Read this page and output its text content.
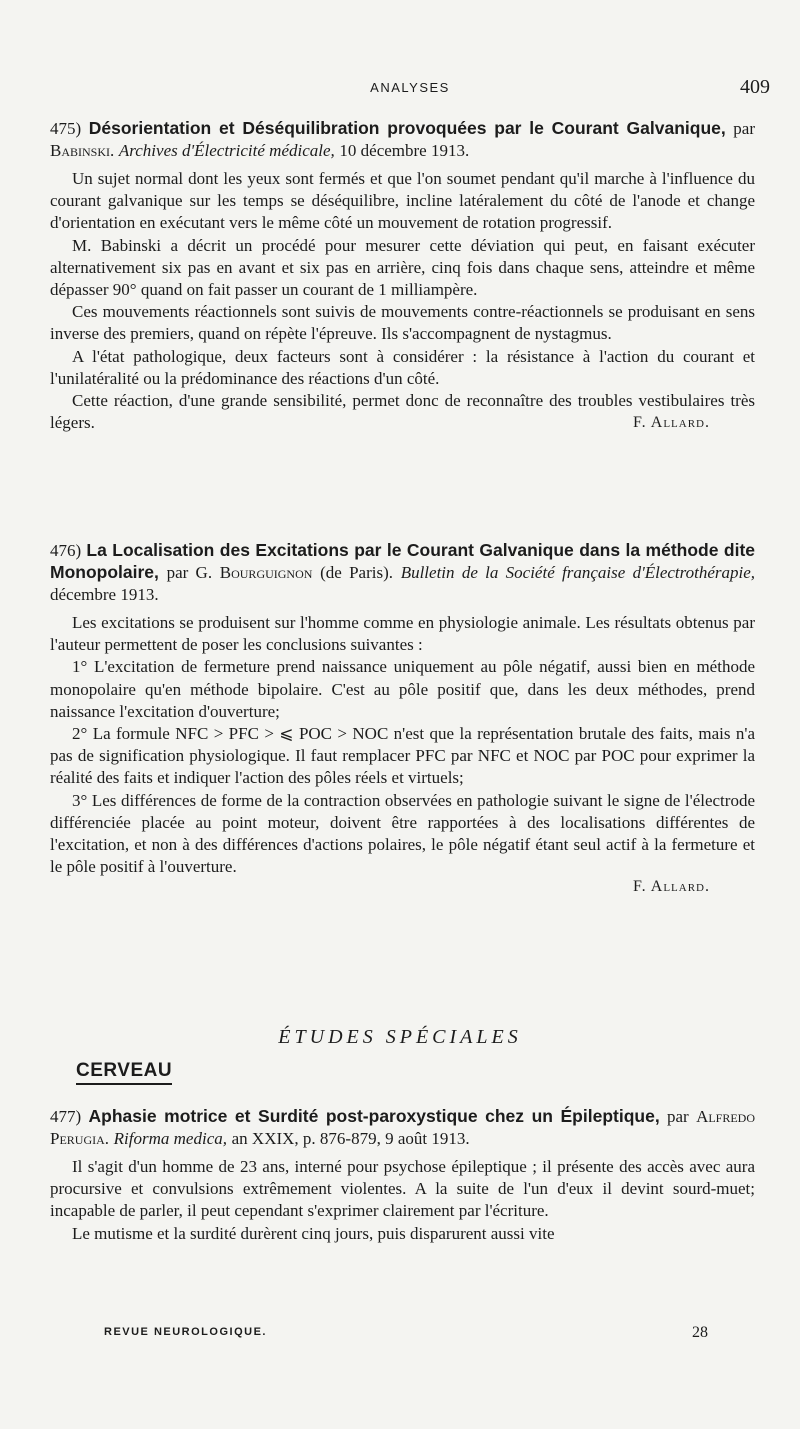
ANALYSES	409
475) Désorientation et Déséquilibration provoquées par le Courant Galvanique, par Babinski. Archives d'Électricité médicale, 10 décembre 1913.

Un sujet normal dont les yeux sont fermés et que l'on soumet pendant qu'il marche à l'influence du courant galvanique sur les temps se déséquilibre, incline latéralement du côté de l'anode et change d'orientation en exécutant vers le même côté un mouvement de rotation progressif.

M. Babinski a décrit un procédé pour mesurer cette déviation qui peut, en faisant exécuter alternativement six pas en avant et six pas en arrière, cinq fois dans chaque sens, atteindre et même dépasser 90° quand on fait passer un courant de 1 milliampère.

Ces mouvements réactionnels sont suivis de mouvements contre-réactionnels se produisant en sens inverse des premiers, quand on répète l'épreuve. Ils s'accompagnent de nystagmus.

A l'état pathologique, deux facteurs sont à considérer : la résistance à l'action du courant et l'unilatéralité ou la prédominance des réactions d'un côté.

Cette réaction, d'une grande sensibilité, permet donc de reconnaître des troubles vestibulaires très légers.	F. Allard.

476) La Localisation des Excitations par le Courant Galvanique dans la méthode dite Monopolaire, par G. Bourguignon (de Paris). Bulletin de la Société française d'Électrothérapie, décembre 1913.

Les excitations se produisent sur l'homme comme en physiologie animale. Les résultats obtenus par l'auteur permettent de poser les conclusions suivantes :

1° L'excitation de fermeture prend naissance uniquement au pôle négatif, aussi bien en méthode monopolaire qu'en méthode bipolaire. C'est au pôle positif que, dans les deux méthodes, prend naissance l'excitation d'ouverture;

2° La formule NFC > PFC > ⩽ POC > NOC n'est que la représentation brutale des faits, mais n'a pas de signification physiologique. Il faut remplacer PFC par NFC et NOC par POC pour exprimer la réalité des faits et indiquer l'action des pôles réels et virtuels;

3° Les différences de forme de la contraction observées en pathologie suivant le signe de l'électrode différenciée placée au point moteur, doivent être rapportées à des localisations différentes de l'excitation, et non à des différences d'actions polaires, le pôle négatif étant seul actif à la fermeture et le pôle positif à l'ouverture.

F. Allard.
ÉTUDES SPÉCIALES
CERVEAU
477) Aphasie motrice et Surdité post-paroxystique chez un Épileptique, par Alfredo Perugia. Riforma medica, an XXIX, p. 876-879, 9 août 1913.

Il s'agit d'un homme de 23 ans, interné pour psychose épileptique ; il présente des accès avec aura procursive et convulsions extrêmement violentes. A la suite de l'un d'eux il devint sourd-muet; incapable de parler, il peut cependant s'exprimer clairement par l'écriture.

Le mutisme et la surdité durèrent cinq jours, puis disparurent aussi vite

REVUE NEUROLOGIQUE.	28
